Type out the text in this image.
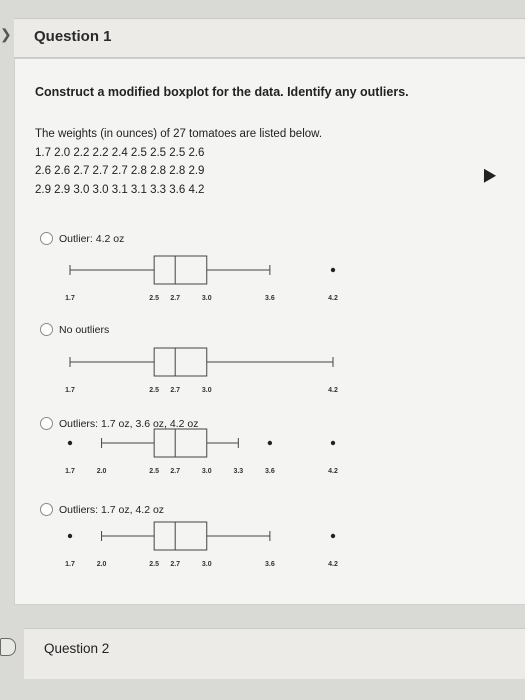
❯ Question 1
Construct a modified boxplot for the data. Identify any outliers.
The weights (in ounces) of 27 tomatoes are listed below.
1.7 2.0 2.2 2.2 2.4 2.5 2.5 2.5 2.6
2.6 2.6 2.7 2.7 2.7 2.8 2.8 2.8 2.9
2.9 2.9 3.0 3.0 3.1 3.1 3.3 3.6 4.2
Outlier: 4.2 oz
No outliers
Outliers: 1.7 oz, 3.6 oz, 4.2 oz
Outliers: 1.7 oz, 4.2 oz
1.7	2.5 2.7	3.0	3.6	4.2
1.7	2.5 2.7	3.0	4.2
1.7	2.0	2.5 2.7	3.0	3.3	3.6	4.2
1.7	2.0	2.5 2.7	3.0	3.6	4.2
Question 2
